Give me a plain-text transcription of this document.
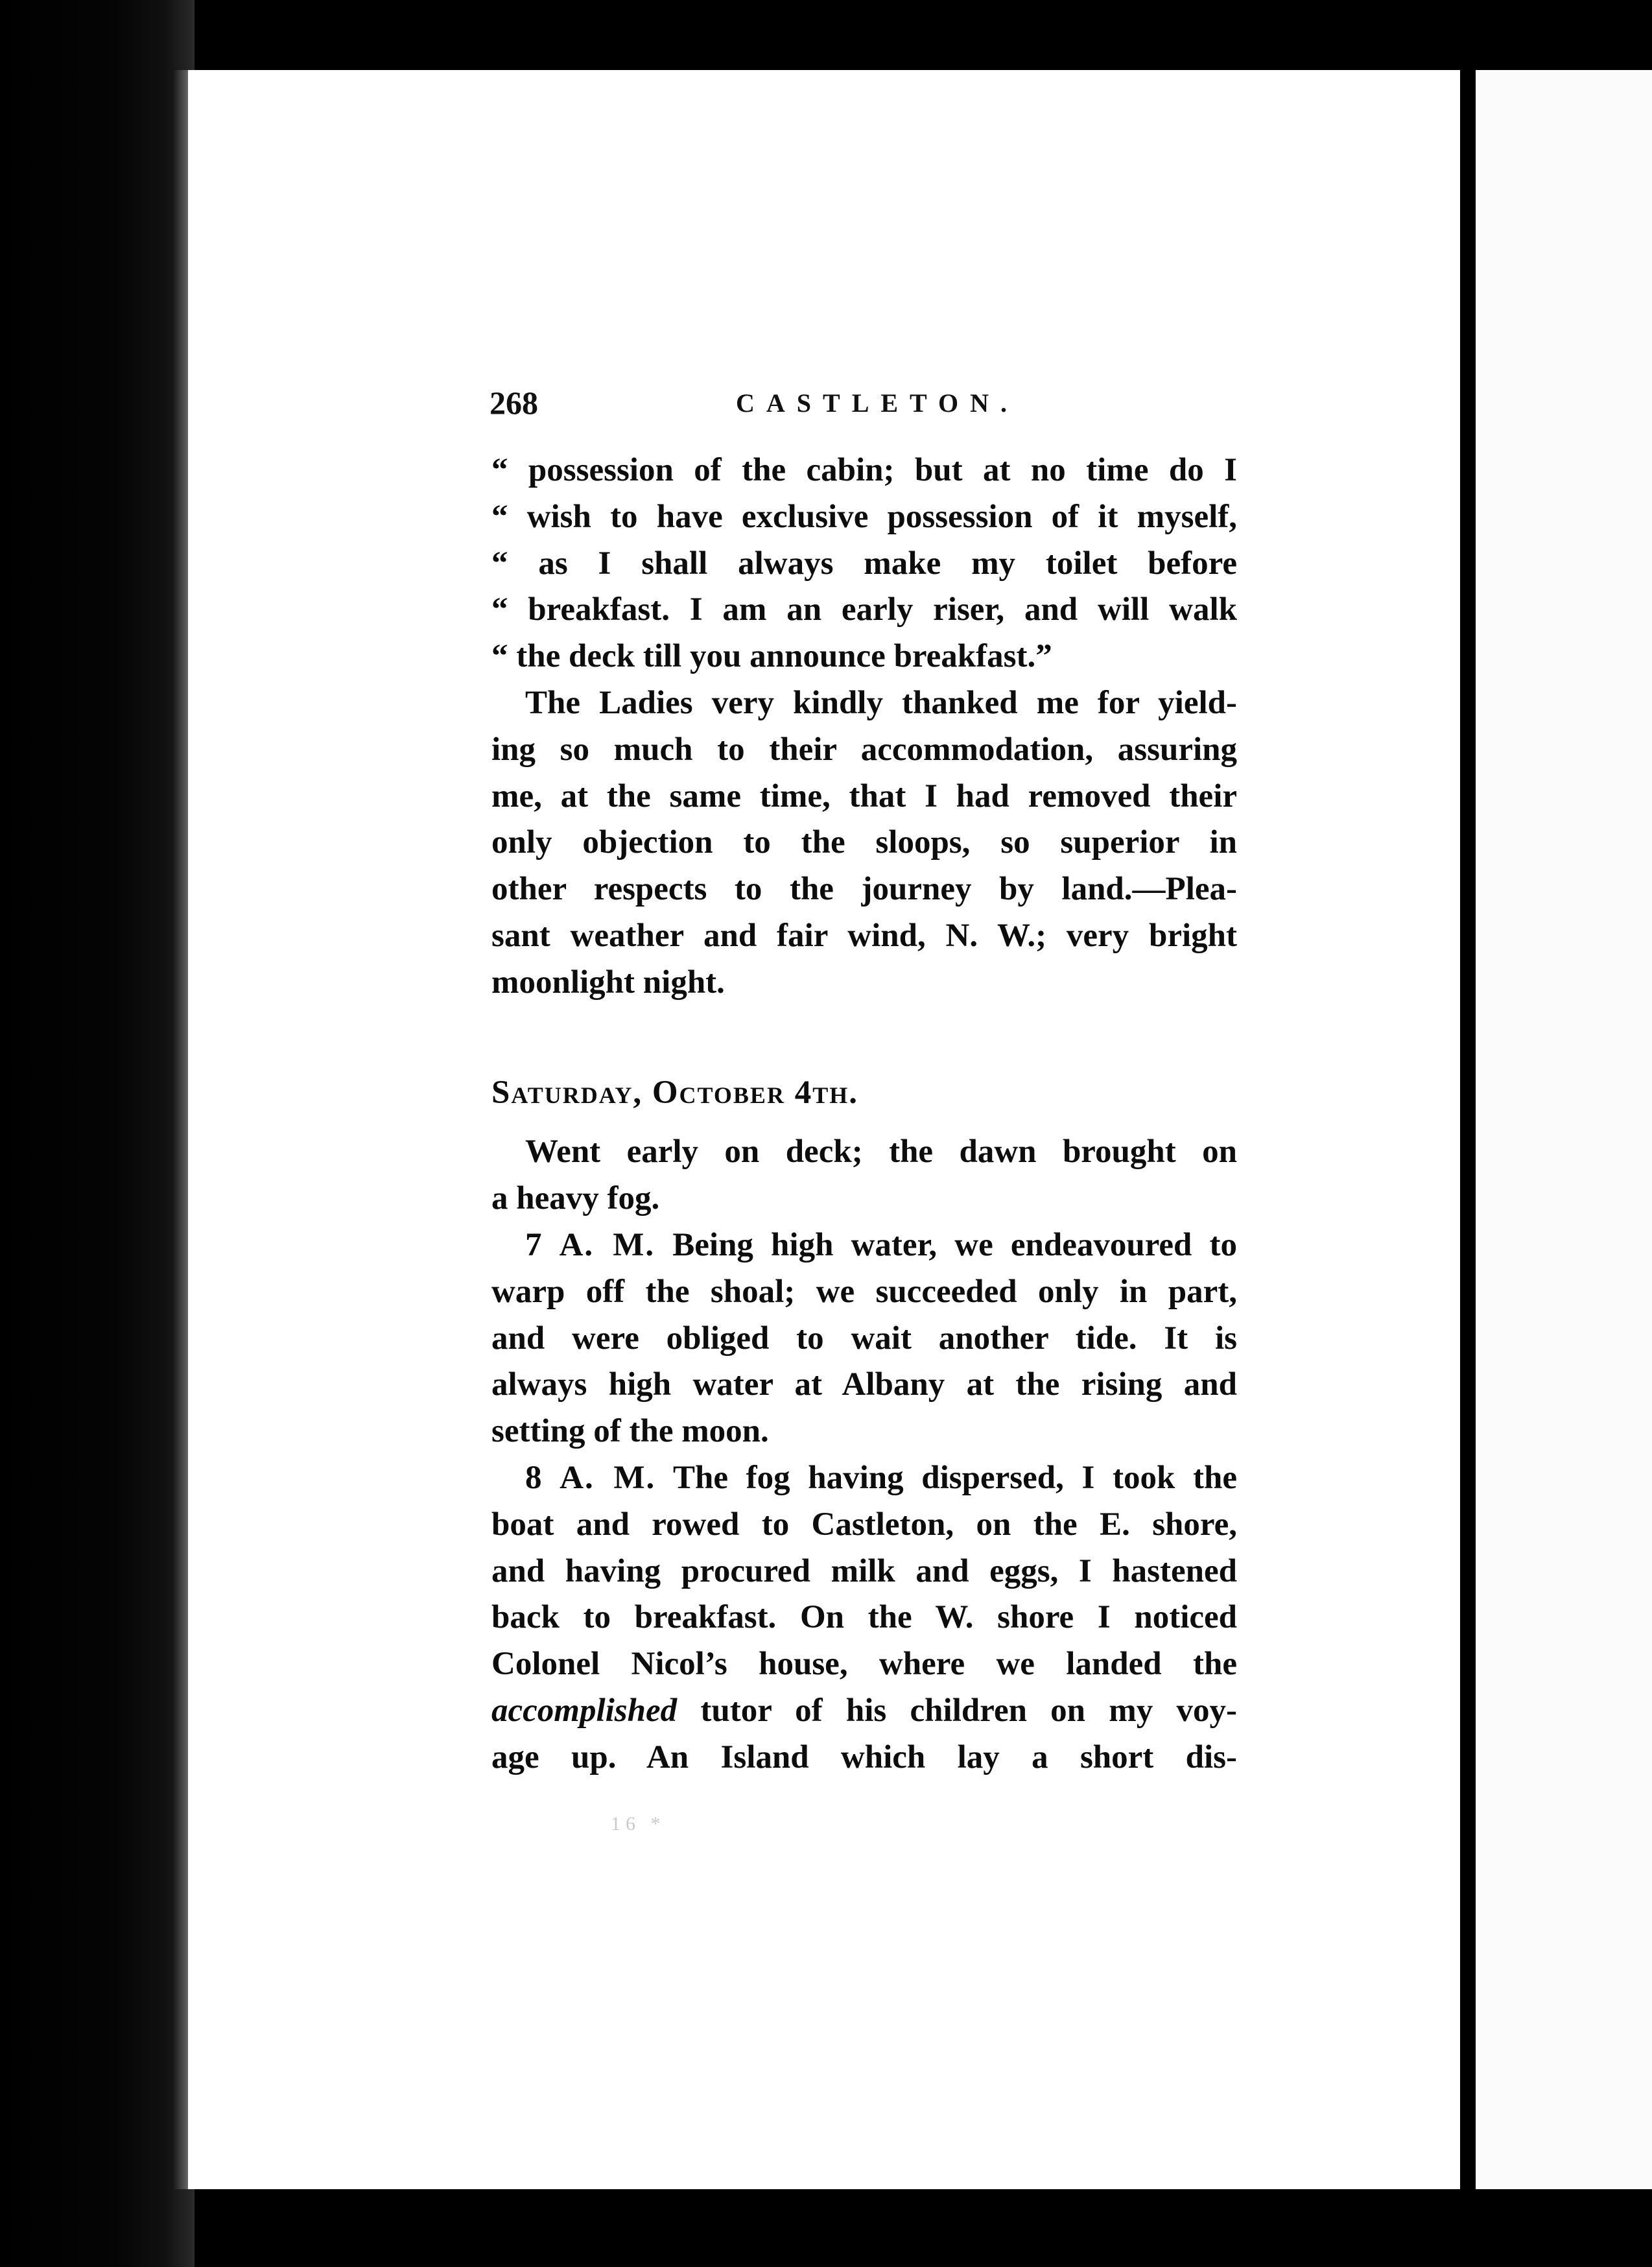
268	CASTLETON.
“ possession of the cabin; but at no time do I
“ wish to have exclusive possession of it myself,
“ as I shall always make my toilet before
“ breakfast. I am an early riser, and will walk
“ the deck till you announce breakfast.”
The Ladies very kindly thanked me for yield-
ing so much to their accommodation, assuring
me, at the same time, that I had removed their
only objection to the sloops, so superior in
other respects to the journey by land.—Plea-
sant weather and fair wind, N. W.; very bright
moonlight night.
Saturday, October 4th.
Went early on deck; the dawn brought on
a heavy fog.
7 A. M. Being high water, we endeavoured to
warp off the shoal; we succeeded only in part,
and were obliged to wait another tide. It is
always high water at Albany at the rising and
setting of the moon.
8 A. M. The fog having dispersed, I took the
boat and rowed to Castleton, on the E. shore,
and having procured milk and eggs, I hastened
back to breakfast. On the W. shore I noticed
Colonel Nicol’s house, where we landed the
accomplished tutor of his children on my voy-
age up. An Island which lay a short dis-
16 *
